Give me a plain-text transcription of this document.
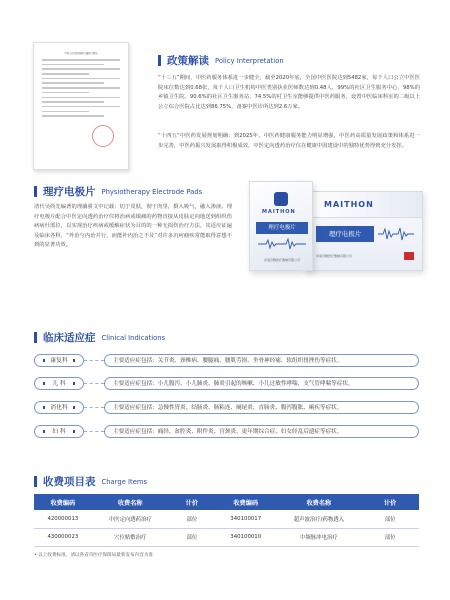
中华人民共和国医疗器械注册证
政策解读 Policy Interpretation

“十三五”期间，中医药服务体系进一步健全，截至2020年底，全国中医医院达到5482家，每千人口公立中医医院床位数达到0.68张，每千人口卫生机构中医类别执业医师数达到0.48人，99%的社区卫生服务中心、98%的乡镇卫生院、90.6%的社区卫生服务站、74.5%的村卫生室能够提供中医药服务，设置中医临床科室的二级以上公立综合医院占比达到86.75%，备案中医诊所达到2.6万家。

“十四五”中医药发展规划明确：到2025年，中医药健康服务能力明显增强，中医药高质量发展政策和体系进一步完善，中医药振兴发展取得积极成效，中医定向透药治疗仪在健康中国建设中的独特优势得到充分发挥。

理疗电极片 Physiotherapy Electrode Pads

清代吴尚先编著的理瀹骈文中记载：切于皮肤，彻于肉里，摄入吸气，融入渗液。理疗电极片配合中医定向透药治疗仪将治病或镇痛的药物直接从皮肤定向地送到组织伤病病灶部位，以实现治疗疾病或缓解症状为目的的一种无损伤治疗方法，其适应证遍及临床各科，“外治与内治并行，而能补内治之不及”对许多沉疴痼疾常能取得意想不到的显著功效。

MAITHON
理疗电极片
河南迈腾医疗器械有限公司
MAITHON
理疗电极片
河南迈腾医疗器械有限公司
临床适应症 Clinical Indications
康复科	主要适应症包括：关节炎、颈椎病、腰腿痛、腰肌劳损、坐骨神经痛、软组织扭挫伤等症状。
儿 科	主要适应症包括：小儿腹泻、小儿肺炎、肺炎引起的咳嗽、小儿过敏性哮喘、支气管哮喘等症状。
消化科	主要适应症包括：急慢性胃炎、结肠炎、肠粘连、阑尾炎、直肠炎、腹泻腹胀、痢疾等症状。
妇 科	主要适应症包括：痛经、盆腔炎、附件炎、宫颈炎、更年期综合症、妇女经乱后遗症等症状。
收费项目表 Charge Items
收费编码	收费名称	计价	收费编码	收费名称	计价
420000013	中医定向透药治疗	部位	340100017	超声波治疗/药物透入	部位
430000023	穴位贴敷治疗	部位	340100010	中频脉冲电治疗	部位
• 以上收费标准，请以各省市医疗保障局最新发布内容为准
